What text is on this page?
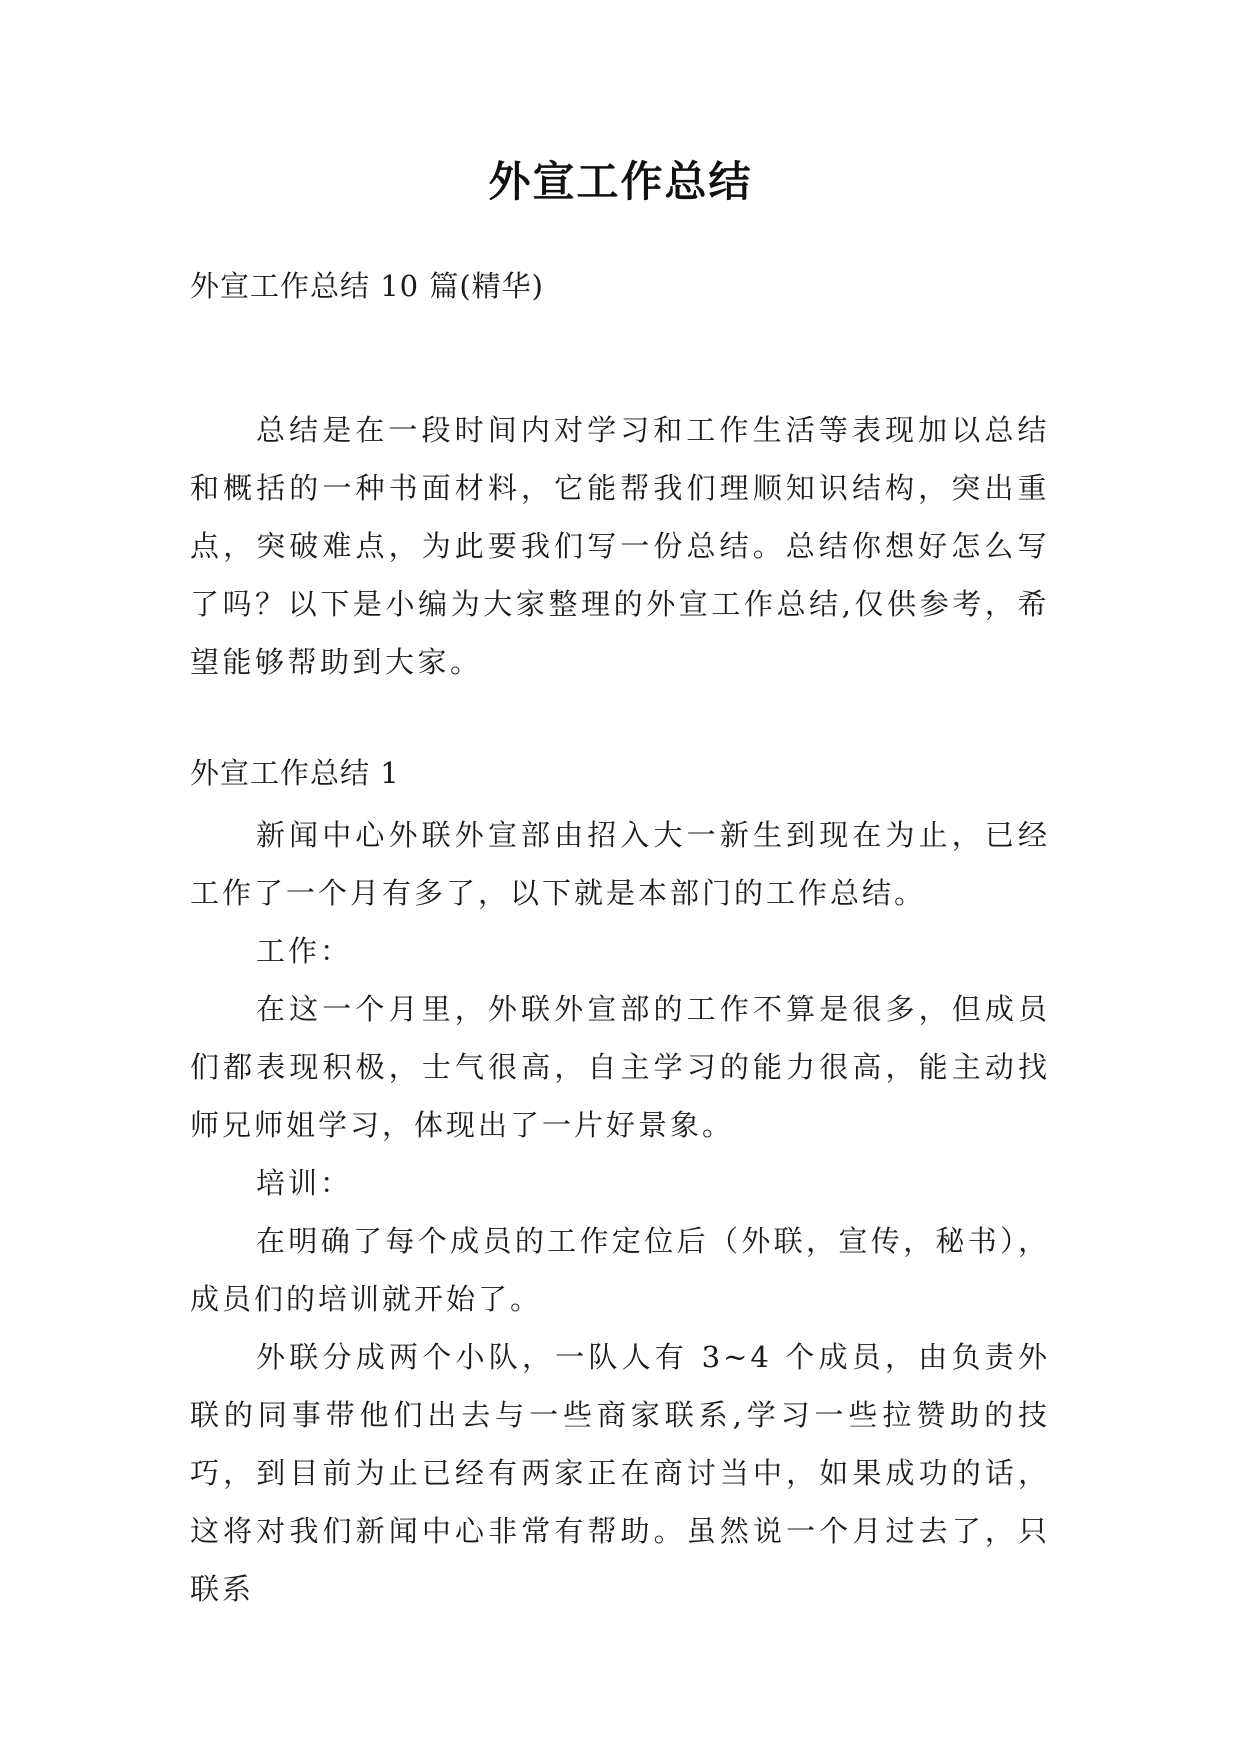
外宣工作总结
外宣工作总结 10 篇(精华)
总结是在一段时间内对学习和工作生活等表现加以总结和概括的一种书面材料，它能帮我们理顺知识结构，突出重点，突破难点，为此要我们写一份总结。总结你想好怎么写了吗？以下是小编为大家整理的外宣工作总结,仅供参考，希望能够帮助到大家。
外宣工作总结 1

新闻中心外联外宣部由招入大一新生到现在为止，已经工作了一个月有多了，以下就是本部门的工作总结。

工作：

在这一个月里，外联外宣部的工作不算是很多，但成员们都表现积极，士气很高，自主学习的能力很高，能主动找师兄师姐学习，体现出了一片好景象。

培训：

在明确了每个成员的工作定位后（外联，宣传，秘书），成员们的培训就开始了。

外联分成两个小队，一队人有 3~4 个成员，由负责外联的同事带他们出去与一些商家联系,学习一些拉赞助的技巧，到目前为止已经有两家正在商讨当中，如果成功的话，这将对我们新闻中心非常有帮助。虽然说一个月过去了，只联系
